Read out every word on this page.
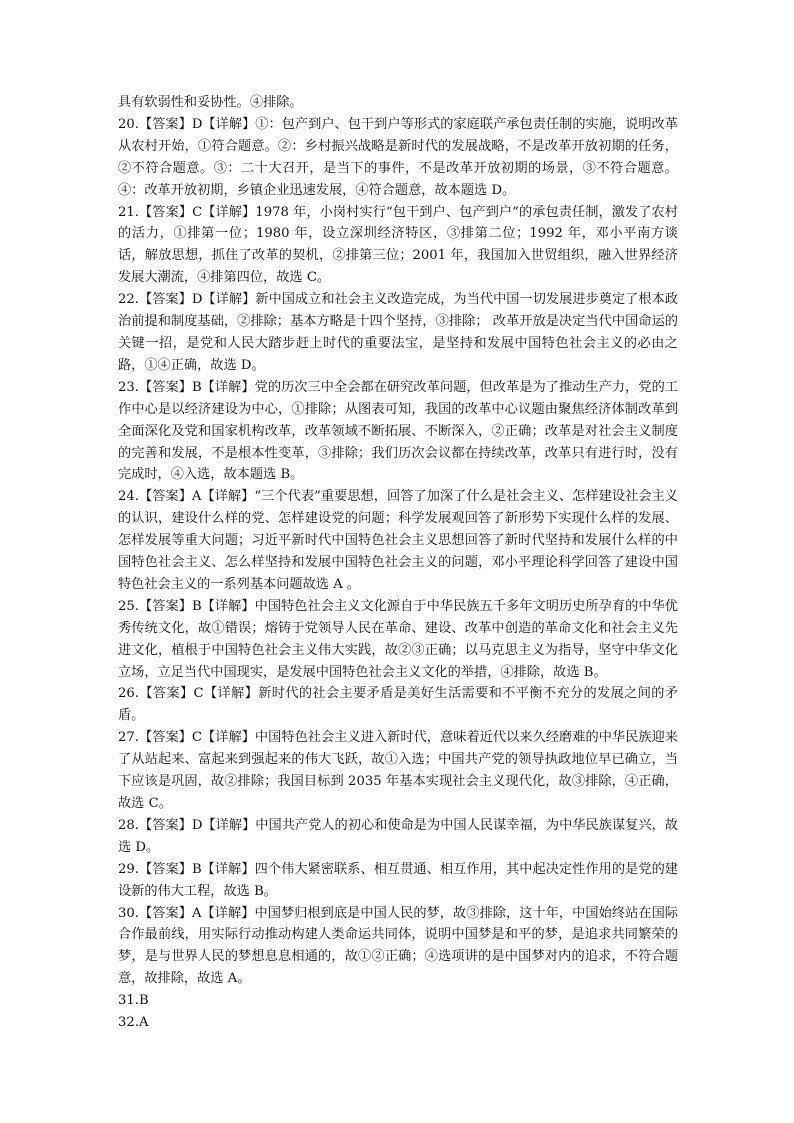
具有软弱性和妥协性。④排除。

20.【答案】D【详解】①：包产到户、包干到户等形式的家庭联产承包责任制的实施，说明改革从农村开始，①符合题意。②：乡村振兴战略是新时代的发展战略，不是改革开放初期的任务，②不符合题意。③：二十大召开，是当下的事件，不是改革开放初期的场景，③不符合题意。④：改革开放初期，乡镇企业迅速发展，④符合题意，故本题选 D。

21.【答案】C【详解】1978 年，小岗村实行“包干到户、包产到户”的承包责任制，激发了农村的活力，①排第一位；1980 年，设立深圳经济特区，③排第二位；1992 年，邓小平南方谈话，解放思想，抓住了改革的契机，②排第三位；2001 年，我国加入世贸组织，融入世界经济发展大潮流，④排第四位，故选 C。

22.【答案】D【详解】新中国成立和社会主义改造完成，为当代中国一切发展进步奠定了根本政治前提和制度基础，②排除；基本方略是十四个坚持，③排除； 改革开放是决定当代中国命运的关键一招，是党和人民大踏步赶上时代的重要法宝，是坚持和发展中国特色社会主义的必由之路，①④正确，故选 D。

23.【答案】B【详解】党的历次三中全会都在研究改革问题，但改革是为了推动生产力，党的工作中心是以经济建设为中心，①排除；从图表可知，我国的改革中心议题由聚焦经济体制改革到全面深化及党和国家机构改革，改革领域不断拓展、不断深入，②正确；改革是对社会主义制度的完善和发展，不是根本性变革，③排除；我们历次会议都在持续改革，改革只有进行时，没有完成时，④入选，故本题选 B。

24.【答案】A【详解】“三个代表”重要思想，回答了加深了什么是社会主义、怎样建设社会主义的认识，建设什么样的党、怎样建设党的问题；科学发展观回答了新形势下实现什么样的发展、怎样发展等重大问题；习近平新时代中国特色社会主义思想回答了新时代坚持和发展什么样的中国特色社会主义、怎么样坚持和发展中国特色社会主义的问题，邓小平理论科学回答了建设中国特色社会主义的一系列基本问题故选 A 。

25.【答案】B【详解】中国特色社会主义文化源自于中华民族五千多年文明历史所孕育的中华优秀传统文化，故①错误；熔铸于党领导人民在革命、建设、改革中创造的革命文化和社会主义先进文化，植根于中国特色社会主义伟大实践，故②③正确；以马克思主义为指导，坚守中华文化立场，立足当代中国现实，是发展中国特色社会主义文化的举措，④排除，故选 B。

26.【答案】C【详解】新时代的社会主要矛盾是美好生活需要和不平衡不充分的发展之间的矛盾。

27.【答案】C【详解】中国特色社会主义进入新时代，意味着近代以来久经磨难的中华民族迎来了从站起来、富起来到强起来的伟大飞跃，故①入选；中国共产党的领导执政地位早已确立，当下应该是巩固，故②排除；我国目标到 2035 年基本实现社会主义现代化，故③排除，④正确，故选 C。

28.【答案】D【详解】中国共产党人的初心和使命是为中国人民谋幸福，为中华民族谋复兴，故选 D。

29.【答案】B【详解】四个伟大紧密联系、相互贯通、相互作用，其中起决定性作用的是党的建设新的伟大工程，故选 B。

30.【答案】A【详解】中国梦归根到底是中国人民的梦，故③排除，这十年，中国始终站在国际合作最前线，用实际行动推动构建人类命运共同体，说明中国梦是和平的梦，是追求共同繁荣的梦，是与世界人民的梦想息息相通的，故①②正确；④选项讲的是中国梦对内的追求，不符合题意，故排除，故选 A。

31.B

32.A
